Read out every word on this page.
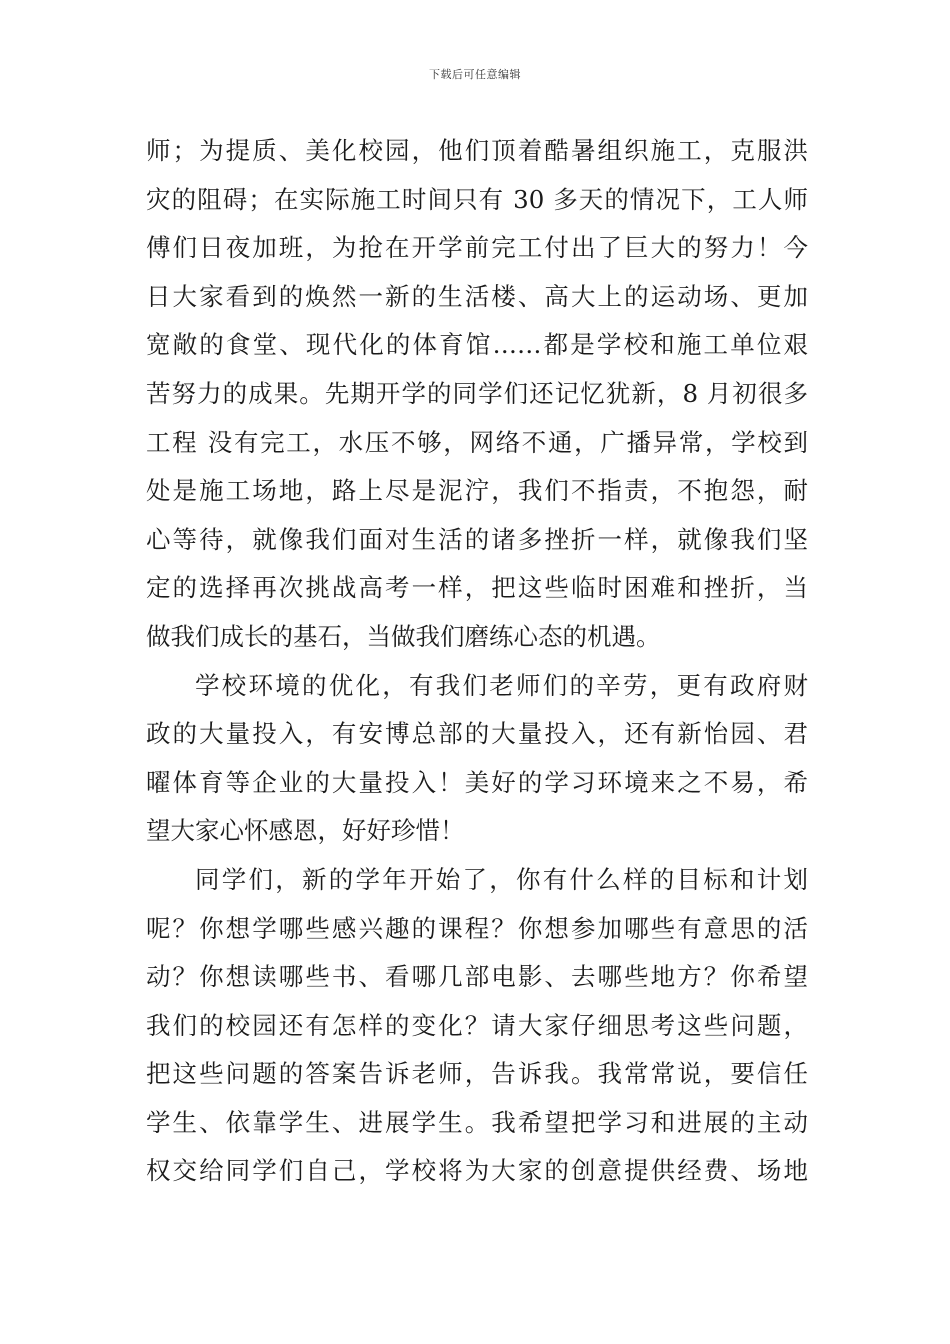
下载后可任意编辑
师；为提质、美化校园，他们顶着酷暑组织施工，克服洪
灾的阻碍；在实际施工时间只有 30 多天的情况下，工人师
傅们日夜加班，为抢在开学前完工付出了巨大的努力！今
日大家看到的焕然一新的生活楼、高大上的运动场、更加
宽敞的食堂、现代化的体育馆……都是学校和施工单位艰
苦努力的成果。先期开学的同学们还记忆犹新，8 月初很多
工程 没有完工，水压不够，网络不通，广播异常，学校到
处是施工场地，路上尽是泥泞，我们不指责，不抱怨，耐
心等待，就像我们面对生活的诸多挫折一样，就像我们坚
定的选择再次挑战高考一样，把这些临时困难和挫折，当
做我们成长的基石，当做我们磨练心态的机遇。
学校环境的优化，有我们老师们的辛劳，更有政府财
政的大量投入，有安博总部的大量投入，还有新怡园、君
曜体育等企业的大量投入！美好的学习环境来之不易，希
望大家心怀感恩，好好珍惜！
同学们，新的学年开始了，你有什么样的目标和计划
呢？你想学哪些感兴趣的课程？你想参加哪些有意思的活
动？你想读哪些书、看哪几部电影、去哪些地方？你希望
我们的校园还有怎样的变化？请大家仔细思考这些问题，
把这些问题的答案告诉老师，告诉我。我常常说，要信任
学生、依靠学生、进展学生。我希望把学习和进展的主动
权交给同学们自己，学校将为大家的创意提供经费、场地
